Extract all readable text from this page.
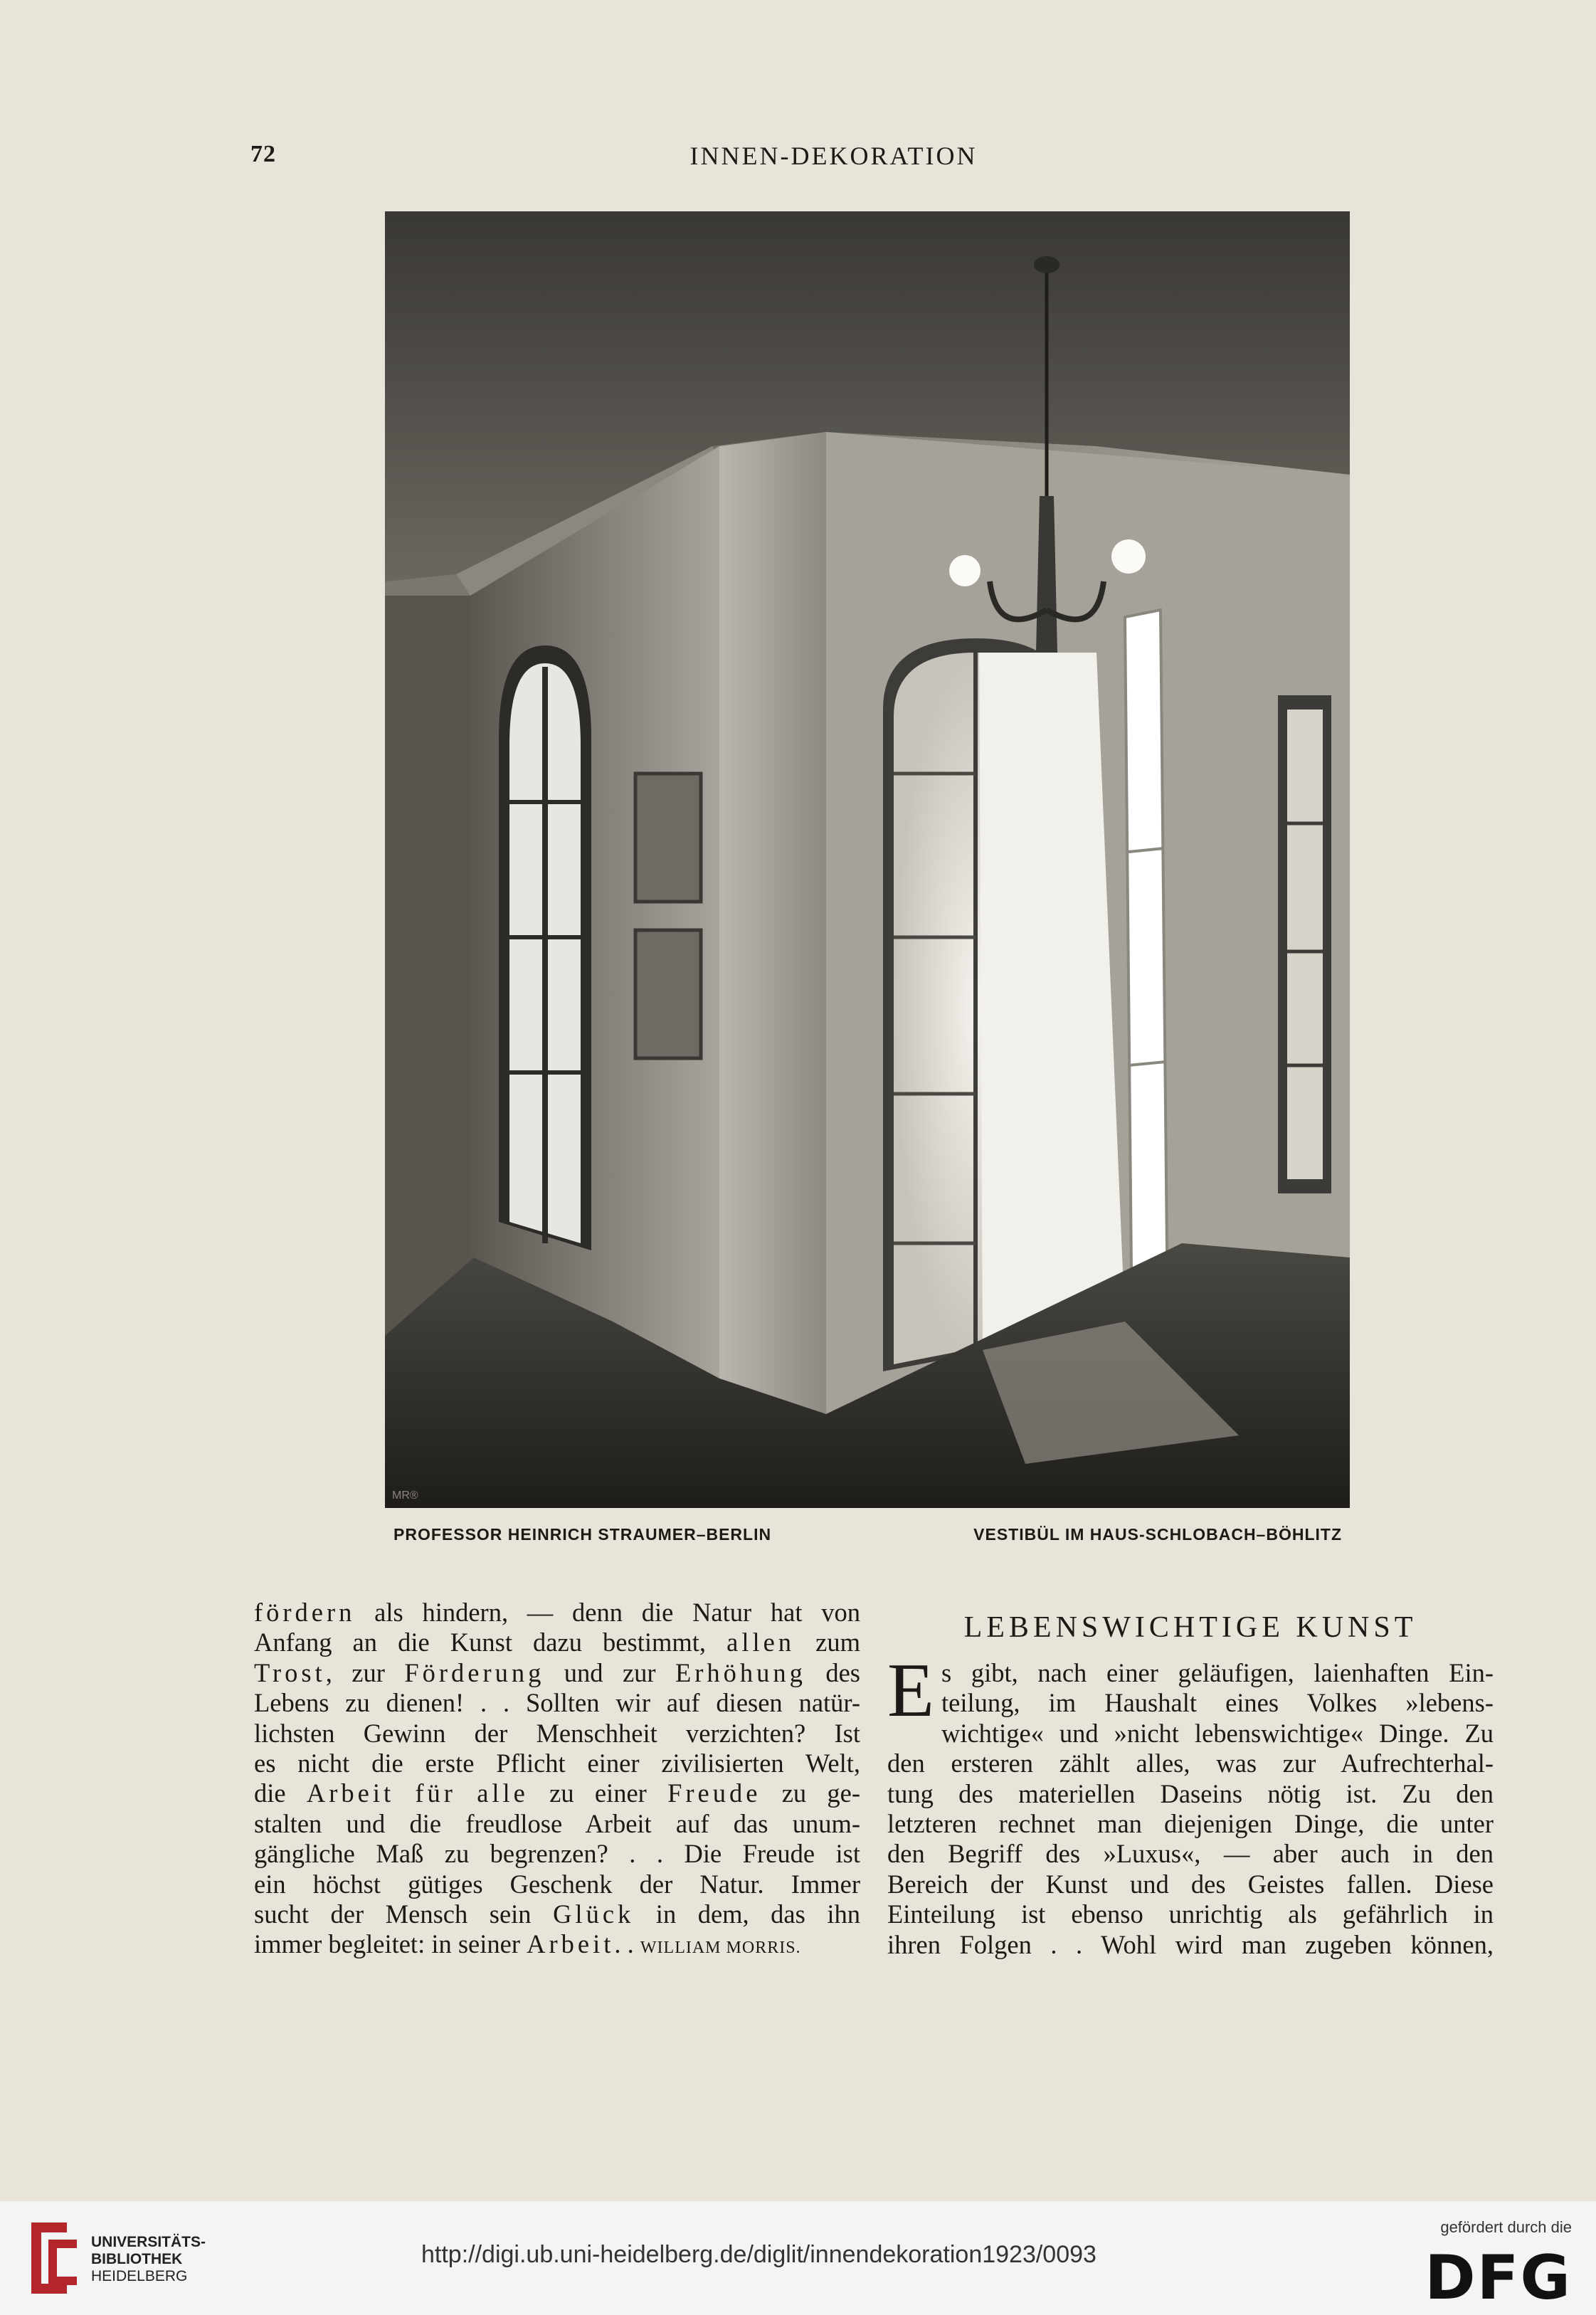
72	INNEN-DEKORATION
MR®
PROFESSOR HEINRICH STRAUMER–BERLIN	VESTIBÜL IM HAUS-SCHLOBACH–BÖHLITZ
fördern als hindern, — denn die Natur hat von
Anfang an die Kunst dazu bestimmt, allen zum
Trost, zur Förderung und zur Erhöhung des
Lebens zu dienen! . . Sollten wir auf diesen natür-
lichsten Gewinn der Menschheit verzichten? Ist
es nicht die erste Pflicht einer zivilisierten Welt,
die Arbeit für alle zu einer Freude zu ge-
stalten und die freudlose Arbeit auf das unum-
gängliche Maß zu begrenzen? . . Die Freude ist
ein höchst gütiges Geschenk der Natur. Immer
sucht der Mensch sein Glück in dem, das ihn
immer begleitet: in seiner Arbeit. . WILLIAM MORRIS.
LEBENSWICHTIGE KUNST
E s gibt, nach einer geläufigen, laienhaften Ein-
teilung, im Haushalt eines Volkes »lebens-
wichtige« und »nicht lebenswichtige« Dinge. Zu
den ersteren zählt alles, was zur Aufrechterhal-
tung des materiellen Daseins nötig ist. Zu den
letzteren rechnet man diejenigen Dinge, die unter
den Begriff des »Luxus«, — aber auch in den
Bereich der Kunst und des Geistes fallen. Diese
Einteilung ist ebenso unrichtig als gefährlich in
ihren Folgen . . Wohl wird man zugeben können,
UNIVERSITÄTS-
BIBLIOTHEK
HEIDELBERG
http://digi.ub.uni-heidelberg.de/diglit/innendekoration1923/0093
gefördert durch die
DFG
